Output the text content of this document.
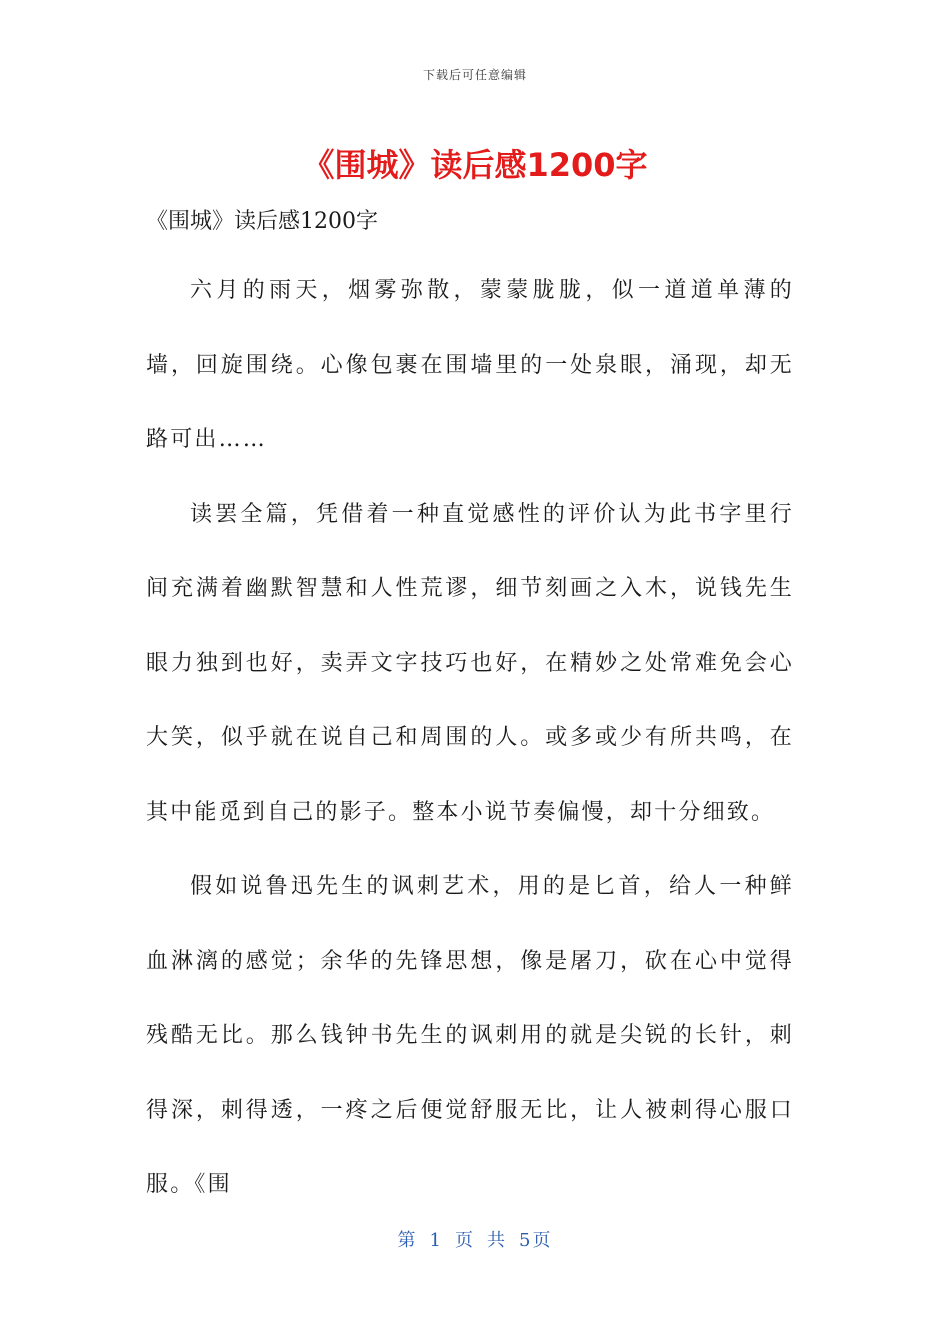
下载后可任意编辑
《围城》读后感1200字
《围城》读后感1200字

六月的雨天，烟雾弥散，蒙蒙胧胧，似一道道单薄的墙，回旋围绕。心像包裹在围墙里的一处泉眼，涌现，却无路可出……

读罢全篇，凭借着一种直觉感性的评价认为此书字里行间充满着幽默智慧和人性荒谬，细节刻画之入木，说钱先生眼力独到也好，卖弄文字技巧也好，在精妙之处常难免会心大笑，似乎就在说自己和周围的人。或多或少有所共鸣，在其中能觅到自己的影子。整本小说节奏偏慢，却十分细致。

假如说鲁迅先生的讽刺艺术，用的是匕首，给人一种鲜血淋漓的感觉；余华的先锋思想，像是屠刀，砍在心中觉得残酷无比。那么钱钟书先生的讽刺用的就是尖锐的长针，刺得深，刺得透，一疼之后便觉舒服无比，让人被刺得心服口服。《围

第 1 页 共 5页
